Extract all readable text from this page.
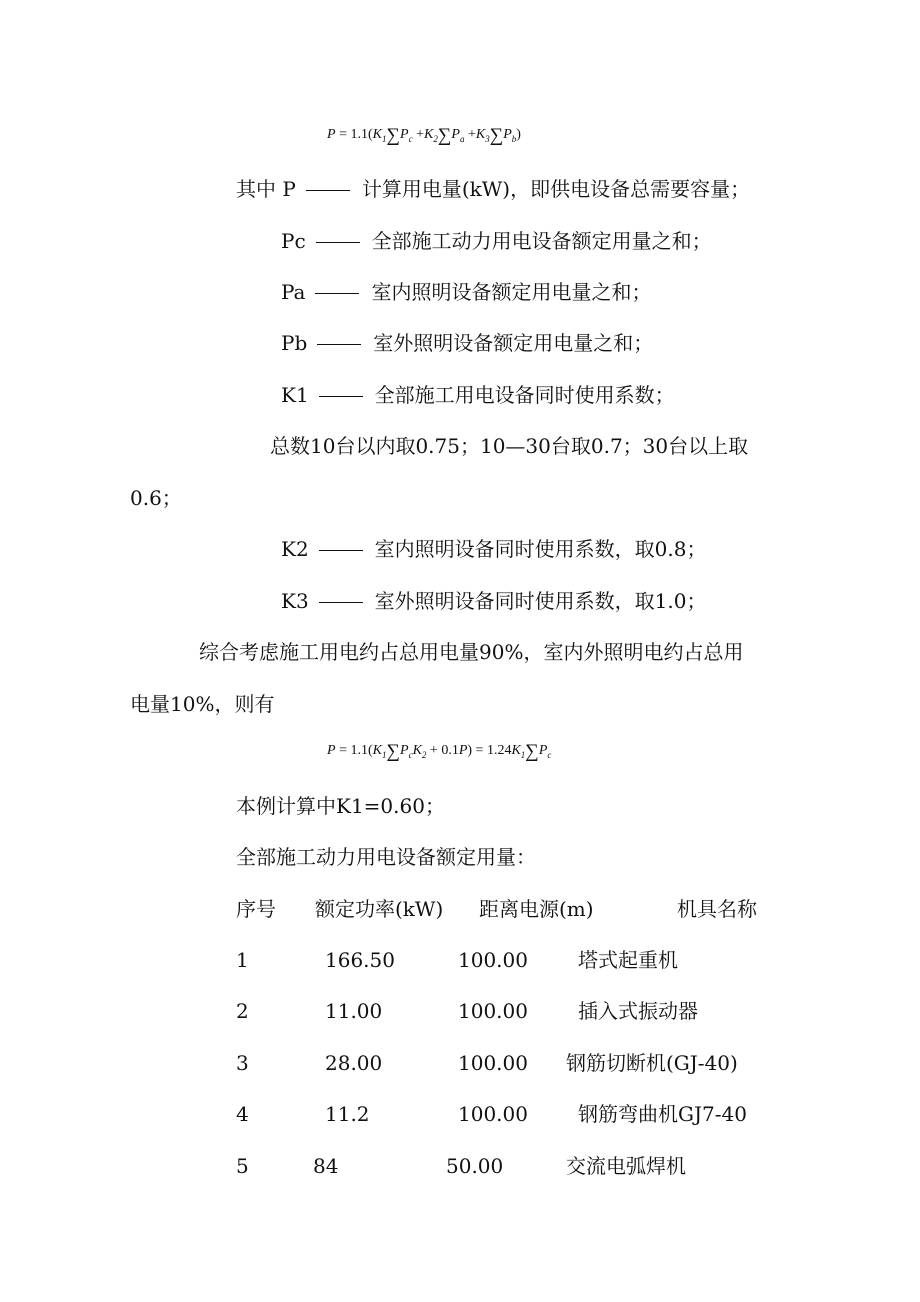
$P = 1.1(K_1\sum P_c +K_2\sum P_a +K_3\sum P_b)$
其中 P	计算用电量(kW)，即供电设备总需要容量；
Pc	全部施工动力用电设备额定用量之和；
Pa	室内照明设备额定用电量之和；
Pb	室外照明设备额定用电量之和；
K1	全部施工用电设备同时使用系数；
总数10台以内取0.75；10—30台取0.7；30台以上取
0.6；
K2	室内照明设备同时使用系数，取0.8；
K3	室外照明设备同时使用系数，取1.0；
综合考虑施工用电约占总用电量90%，室内外照明电约占总用
电量10%，则有
$P = 1.1(K_1\sum P_cK_2 + 0.1P) = 1.24K_1\sum P_c$
本例计算中K1=0.60；
全部施工动力用电设备额定用量：
序号 额定功率(kW) 距离电源(m)	机具名称
1	166.50	100.00	塔式起重机
2	11.00	100.00	插入式振动器
3	28.00	100.00 钢筋切断机(GJ-40)
4	11.2	100.00	钢筋弯曲机GJ7-40
5	84	50.00	交流电弧焊机
